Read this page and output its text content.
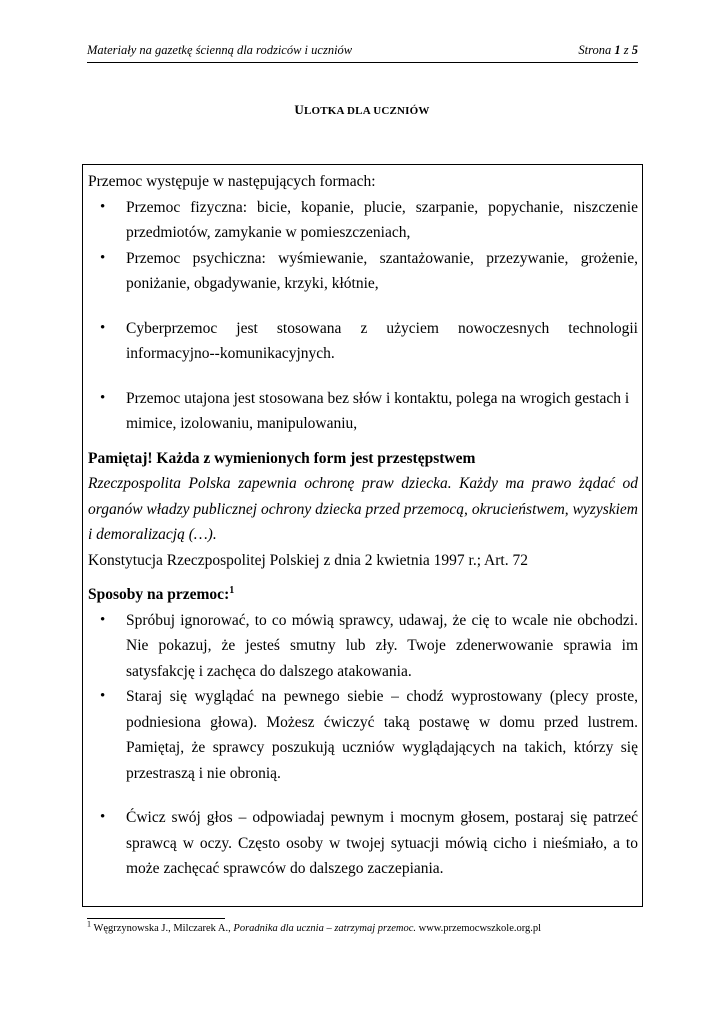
Materiały na gazetkę ścienną dla rodziców i uczniów	Strona 1 z 5
ULOTKA DLA UCZNIÓW

Przemoc występuje w następujących formach:

• Przemoc fizyczna: bicie, kopanie, plucie, szarpanie, popychanie, niszczenie przedmiotów, zamykanie w pomieszczeniach,
• Przemoc psychiczna: wyśmiewanie, szantażowanie, przezywanie, grożenie, poniżanie, obgadywanie, krzyki, kłótnie,
• Cyberprzemoc jest stosowana z użyciem nowoczesnych technologii informacyjno--komunikacyjnych.
• Przemoc utajona jest stosowana bez słów i kontaktu, polega na wrogich gestach i mimice, izolowaniu, manipulowaniu,

Pamiętaj! Każda z wymienionych form jest przestępstwem

Rzeczpospolita Polska zapewnia ochronę praw dziecka. Każdy ma prawo żądać od organów władzy publicznej ochrony dziecka przed przemocą, okrucieństwem, wyzyskiem i demoralizacją (…).

Konstytucja Rzeczpospolitej Polskiej z dnia 2 kwietnia 1997 r.; Art. 72

Sposoby na przemoc:$^1$

• Spróbuj ignorować, to co mówią sprawcy, udawaj, że cię to wcale nie obchodzi. Nie pokazuj, że jesteś smutny lub zły. Twoje zdenerwowanie sprawia im satysfakcję i zachęca do dalszego atakowania.
• Staraj się wyglądać na pewnego siebie – chodź wyprostowany (plecy proste, podniesiona głowa). Możesz ćwiczyć taką postawę w domu przed lustrem. Pamiętaj, że sprawcy poszukują uczniów wyglądających na takich, którzy się przestraszą i nie obronią.
• Ćwicz swój głos – odpowiadaj pewnym i mocnym głosem, postaraj się patrzeć sprawcą w oczy. Często osoby w twojej sytuacji mówią cicho i nieśmiało, a to może zachęcać sprawców do dalszego zaczepiania.
$^1$ Węgrzynowska J., Milczarek A., Poradnika dla ucznia – zatrzymaj przemoc. www.przemocwszkole.org.pl
